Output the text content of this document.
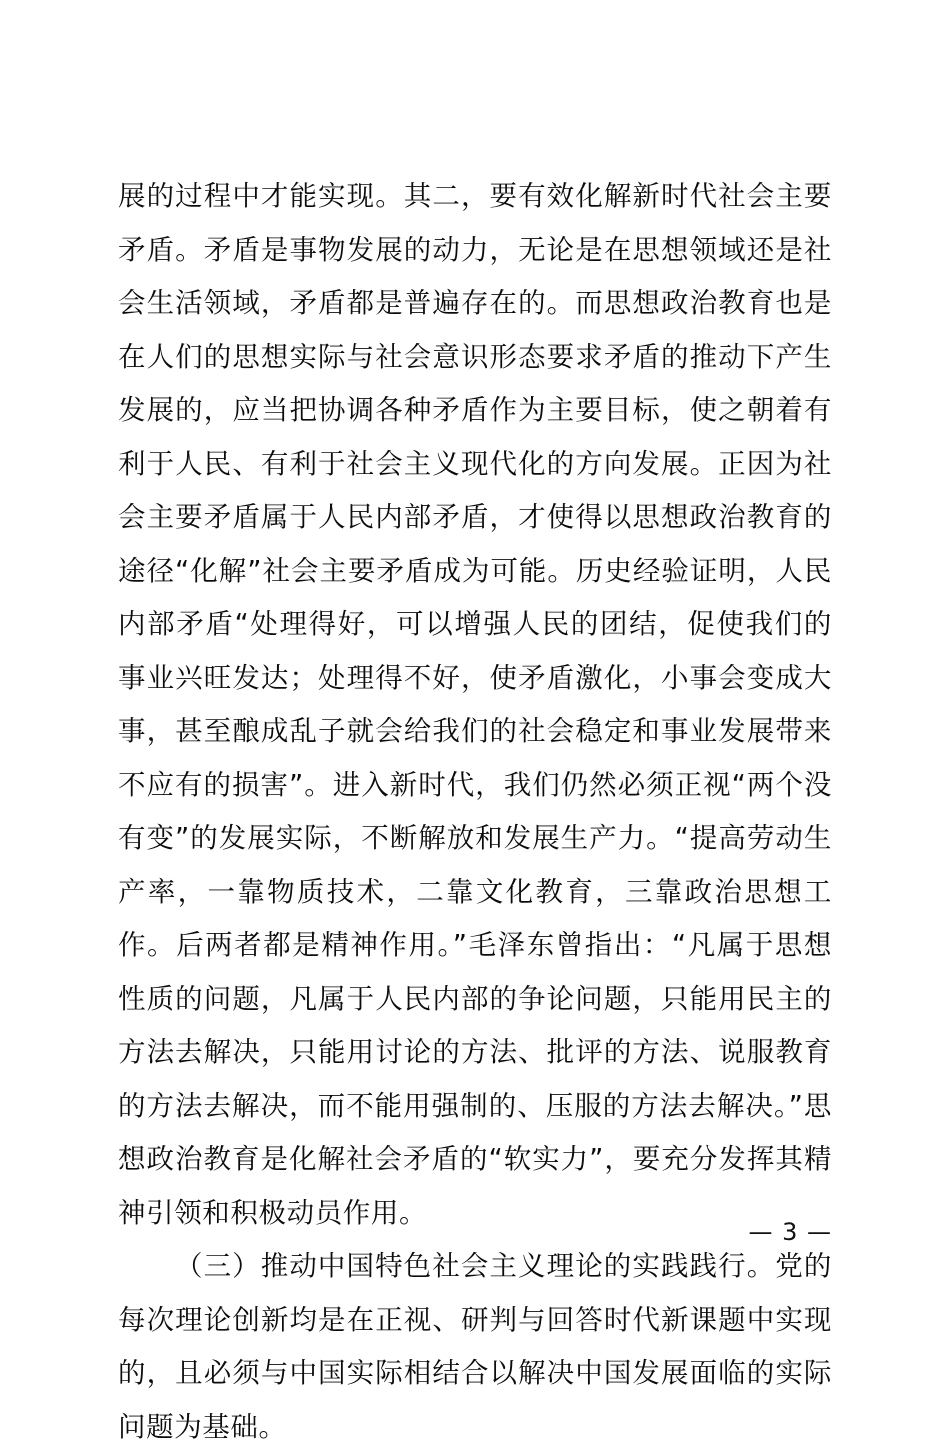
展的过程中才能实现。其二，要有效化解新时代社会主要矛盾。矛盾是事物发展的动力，无论是在思想领域还是社会生活领域，矛盾都是普遍存在的。而思想政治教育也是在人们的思想实际与社会意识形态要求矛盾的推动下产生发展的，应当把协调各种矛盾作为主要目标，使之朝着有利于人民、有利于社会主义现代化的方向发展。正因为社会主要矛盾属于人民内部矛盾，才使得以思想政治教育的途径“化解”社会主要矛盾成为可能。历史经验证明，人民内部矛盾“处理得好，可以增强人民的团结，促使我们的事业兴旺发达；处理得不好，使矛盾激化，小事会变成大事，甚至酿成乱子就会给我们的社会稳定和事业发展带来不应有的损害”。进入新时代，我们仍然必须正视“两个没有变”的发展实际，不断解放和发展生产力。“提高劳动生产率，一靠物质技术，二靠文化教育，三靠政治思想工作。后两者都是精神作用。”毛泽东曾指出：“凡属于思想性质的问题，凡属于人民内部的争论问题，只能用民主的方法去解决，只能用讨论的方法、批评的方法、说服教育的方法去解决，而不能用强制的、压服的方法去解决。”思想政治教育是化解社会矛盾的“软实力”，要充分发挥其精神引领和积极动员作用。

（三）推动中国特色社会主义理论的实践践行。党的每次理论创新均是在正视、研判与回答时代新课题中实现的，且必须与中国实际相结合以解决中国发展面临的实际问题为基础。

— 3 —
